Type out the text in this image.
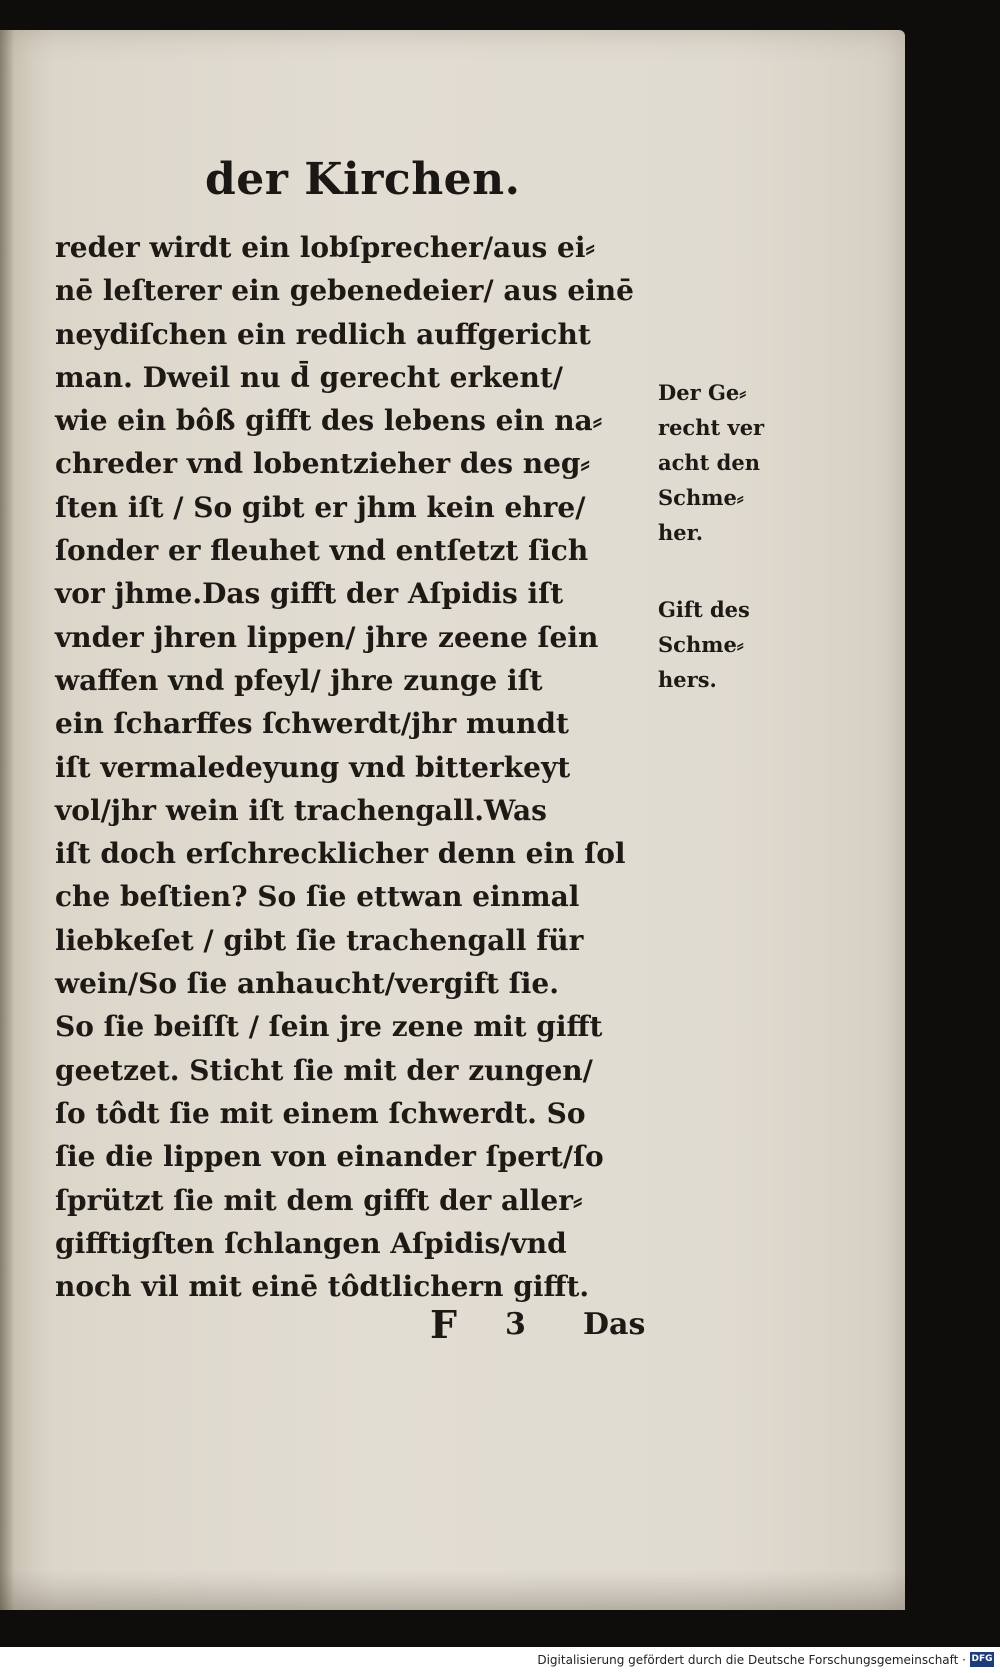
der Kirchen.
reder wirdt ein lobſprecher/aus ei⸗
nē leſterer ein gebenedeier/ aus einē
neydiſchen ein redlich auffgericht
man. Dweil nu d̄ gerecht erkent/
wie ein bôß gifft des lebens ein na⸗
chreder vnd lobentzieher des neg⸗
ſten iſt / So gibt er jhm kein ehre/
ſonder er fleuhet vnd entſetzt ſich
vor jhme.Das gifft der Aſpidis iſt
vnder jhren lippen/ jhre zeene ſein
waffen vnd pfeyl/ jhre zunge iſt
ein ſcharffes ſchwerdt/jhr mundt
iſt vermaledeyung vnd bitterkeyt
vol/jhr wein iſt trachengall.Was
iſt doch erſchrecklicher denn ein ſol
che beſtien? So ſie ettwan einmal
liebkeſet / gibt ſie trachengall für
wein/So ſie anhaucht/vergift ſie.
So ſie beiſſt / ſein jre zene mit gifft
geetzet. Sticht ſie mit der zungen/
ſo tôdt ſie mit einem ſchwerdt. So
ſie die lippen von einander ſpert/ſo
ſprützt ſie mit dem gifft der aller⸗
gifftigſten ſchlangen Aſpidis/vnd
noch vil mit einē tôdtlichern gifft.
Der Ge⸗
recht ver
acht den
Schme⸗
her.
Gift des
Schme⸗
hers.
F 3 Das
Digitalisierung gefördert durch die Deutsche Forschungsgemeinschaft · DFG
